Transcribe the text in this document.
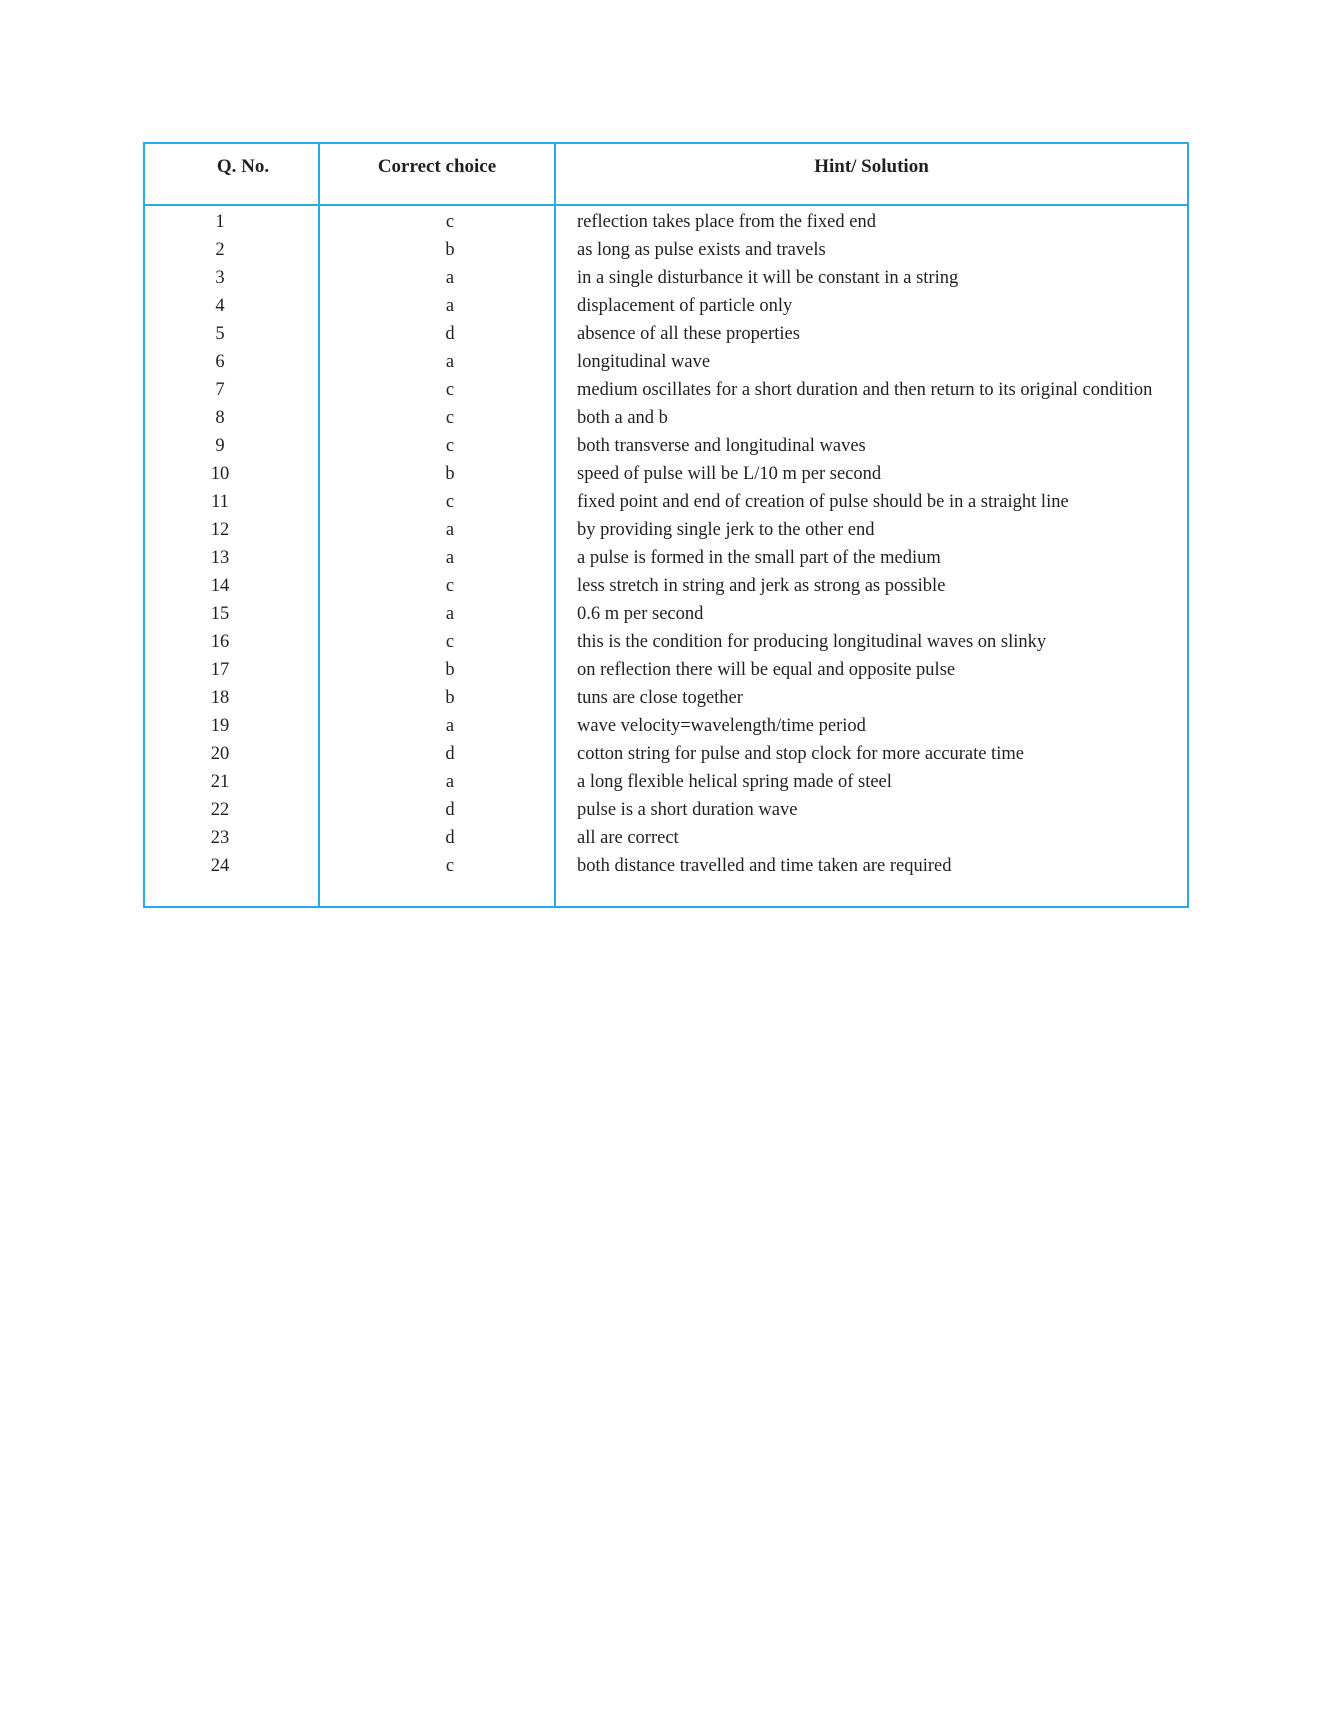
Q. No.	Correct choice	Hint/ Solution
1	c	reflection takes place from the fixed end
2	b	as long as pulse exists and travels
3	a	in a single disturbance it will be constant in a string
4	a	displacement of particle only
5	d	absence of all these properties
6	a	longitudinal wave
7	c	medium oscillates for a short duration and then return to its original condition
8	c	both a and b
9	c	both transverse and longitudinal waves
10	b	speed of pulse will be L/10 m per second
11	c	fixed point and end of creation of pulse should be in a straight line
12	a	by providing single jerk to the other end
13	a	a pulse is formed in the small part of the medium
14	c	less stretch in string and jerk as strong as possible
15	a	0.6 m per second
16	c	this is the condition for producing longitudinal waves on slinky
17	b	on reflection there will be equal and opposite pulse
18	b	tuns are close together
19	a	wave velocity=wavelength/time period
20	d	cotton string for pulse and stop clock for more accurate time
21	a	a long flexible helical spring made of steel
22	d	pulse is a short duration wave
23	d	all are correct
24	c	both distance travelled and time taken are required
